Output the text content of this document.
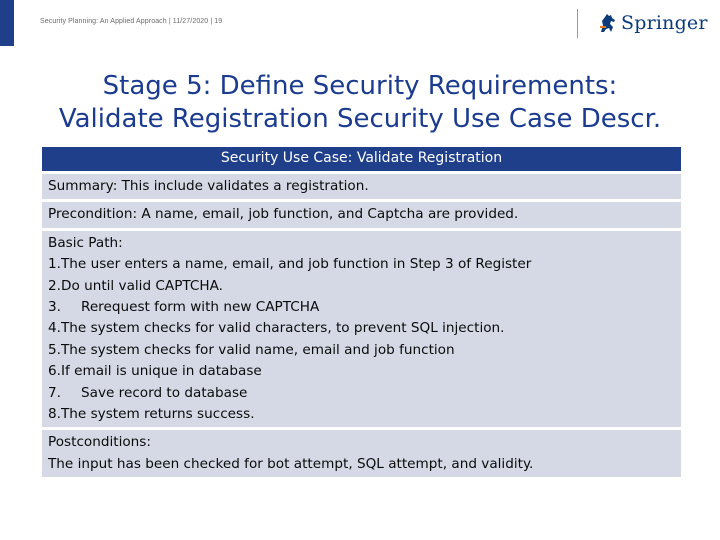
Security Planning: An Applied Approach | 11/27/2020 | 19	Springer
Stage 5: Define Security Requirements:
Validate Registration Security Use Case Descr.
Security Use Case: Validate Registration
Summary: This include validates a registration.
Precondition: A name, email, job function, and Captcha are provided.

Basic Path:
1.The user enters a name, email, and job function in Step 3 of Register
2.Do until valid CAPTCHA.
3. Rerequest form with new CAPTCHA
4.The system checks for valid characters, to prevent SQL injection.
5.The system checks for valid name, email and job function
6.If email is unique in database
7. Save record to database
8.The system returns success.

Postconditions:
The input has been checked for bot attempt, SQL attempt, and validity.
